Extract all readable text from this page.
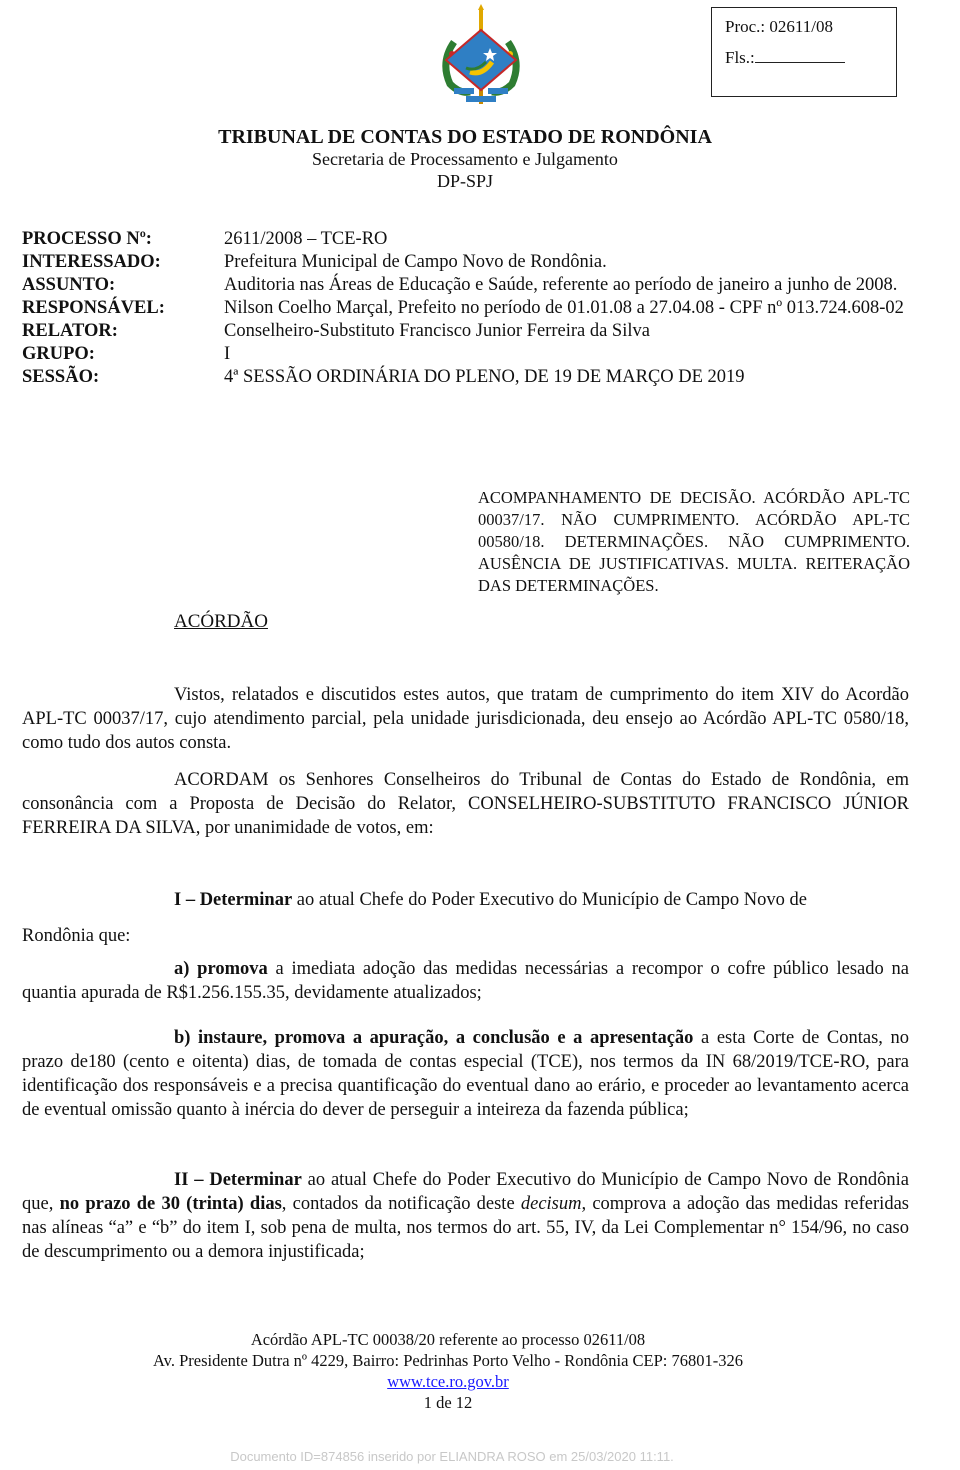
Proc.: 02611/08
Fls.:
TRIBUNAL DE CONTAS DO ESTADO DE RONDÔNIA
Secretaria de Processamento e Julgamento
DP-SPJ
PROCESSO Nº:	2611/2008 – TCE-RO
INTERESSADO:	Prefeitura Municipal de Campo Novo de Rondônia.
ASSUNTO:	Auditoria nas Áreas de Educação e Saúde, referente ao período de janeiro a junho de 2008.
RESPONSÁVEL:	Nilson Coelho Marçal, Prefeito no período de 01.01.08 a 27.04.08 - CPF nº 013.724.608-02
RELATOR:	Conselheiro-Substituto Francisco Junior Ferreira da Silva
GRUPO:	I
SESSÃO:	4ª SESSÃO ORDINÁRIA DO PLENO, DE 19 DE MARÇO DE 2019
ACOMPANHAMENTO DE DECISÃO. ACÓRDÃO APL-TC 00037/17. NÃO CUMPRIMENTO. ACÓRDÃO APL-TC 00580/18. DETERMINAÇÕES. NÃO CUMPRIMENTO. AUSÊNCIA DE JUSTIFICATIVAS. MULTA. REITERAÇÃO DAS DETERMINAÇÕES.
ACÓRDÃO
Vistos, relatados e discutidos estes autos, que tratam de cumprimento do item XIV do Acordão APL-TC 00037/17, cujo atendimento parcial, pela unidade jurisdicionada, deu ensejo ao Acórdão APL-TC 0580/18, como tudo dos autos consta.
ACORDAM os Senhores Conselheiros do Tribunal de Contas do Estado de Rondônia, em consonância com a Proposta de Decisão do Relator, CONSELHEIRO-SUBSTITUTO FRANCISCO JÚNIOR FERREIRA DA SILVA, por unanimidade de votos, em:
I – Determinar ao atual Chefe do Poder Executivo do Município de Campo Novo de
Rondônia que:
a) promova a imediata adoção das medidas necessárias a recompor o cofre público lesado na quantia apurada de R$1.256.155.35, devidamente atualizados;
b) instaure, promova a apuração, a conclusão e a apresentação a esta Corte de Contas, no prazo de180 (cento e oitenta) dias, de tomada de contas especial (TCE), nos termos da IN 68/2019/TCE-RO, para identificação dos responsáveis e a precisa quantificação do eventual dano ao erário, e proceder ao levantamento acerca de eventual omissão quanto à inércia do dever de perseguir a inteireza da fazenda pública;
II – Determinar ao atual Chefe do Poder Executivo do Município de Campo Novo de Rondônia que, no prazo de 30 (trinta) dias, contados da notificação deste decisum, comprova a adoção das medidas referidas nas alíneas “a” e “b” do item I, sob pena de multa, nos termos do art. 55, IV, da Lei Complementar n° 154/96, no caso de descumprimento ou a demora injustificada;
Acórdão APL-TC 00038/20 referente ao processo 02611/08
Av. Presidente Dutra nº 4229, Bairro: Pedrinhas Porto Velho - Rondônia CEP: 76801-326
www.tce.ro.gov.br
1 de 12
Documento ID=874856 inserido por ELIANDRA ROSO em 25/03/2020 11:11.
